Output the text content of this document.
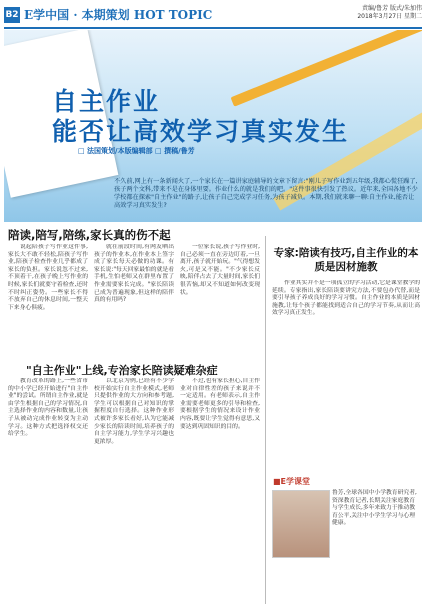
B2 E学中国 · 本期策划 HOT TOPIC	责编/鲁芳 版式/朱加伟
2018年3月27日 星期二
自主作业
能否让高效学习真实发生
□ 法国策划/本版编辑部 □ 撰稿/鲁芳
不久前,网上有一条新闻火了,一个家长在一篇讲家庭辅导的文章下留言:"刚儿子写作业到五年级,我都心慌狂躁了,孩子两个文科,带来不是在身体里要。作业什么的就是我们的吧。"这件事很快引发了热议。近年来,全国各地不少学校都在探索"自主作业"的路子,让孩子自己完成学习任务,为孩子减负。本期,我们就来聊一聊:自主作业,能否让高效学习真实发生?
陪读,陪写,陪练,家长真的伤不起
说起陪孩子写作业这件事,家长大不敢不轻松,陪孩子写作业,陪孩子检查作业几乎都成了家长的负担。家长说忽不过来,不顶着干,在孩子晚上写作业的时候,家长们就要守着检查,还时不时纠正姿势。一些家长不得不放弃自己的休息时间,一整天下来身心俱疲。
就在前段时间,有网友晒出孩子的作业本,在作业本上签字成了家长每天必做的功课。有家长说:"每天回家最怕的就是看手机,生怕老师又在群里布置了作业需要家长完成。"家长陪读已成为普遍现象,但这样的陪伴真的有用吗?
一位家长说,孩子写作业时,自己必须一直在旁边盯着,一旦离开,孩子就开始玩。"气得想发火,可是又不能。"不少家长反映,陪伴占去了大量时间,家长们很苦恼,却又不知道如何改变现状。
"自主作业"上线,专治家长陪读疑难杂症
教育改革的路上,一些省市的中小学已经开始进行"自主作业"的尝试。所谓自主作业,就是由学生根据自己的学习情况,自主选择作业的内容和数量,让孩子从被动完成作业转变为主动学习。这种方式把选择权交还给学生。
以北京为例,已经有不少学校开始实行自主作业模式,老师只提供作业的大方向和参考题,学生可以根据自己对知识的掌握程度自行选择。这种作业形式被许多家长看好,认为它能减少家长的陪读时间,培养孩子的自主学习能力,学生学习兴趣也更浓厚。
不过,也有家长担心,自主作业对自律性差的孩子来说并不一定适用。有老师表示,自主作业需要老师更多的引导和检查,要根据学生的情况来设计作业内容,既要让学生觉得有意思,又要达到巩固知识的目的。
专家:陪读有技巧,自主作业的本质是因材施教
作业其实并不是一项孤立的学习活动,它是课堂教学的延续。专家指出,家长陪读要讲究方法,不要包办代替,而是要引导孩子养成良好的学习习惯。自主作业的本质是因材施教,让每个孩子都能找到适合自己的学习节奏,从而让高效学习真正发生。
■E学课堂
鲁芳,全球各国中小学教育研究者,资深教育记者,长期关注家庭教育与学生成长,多年来致力于推动教育公平,关注中小学生学习与心理健康。
